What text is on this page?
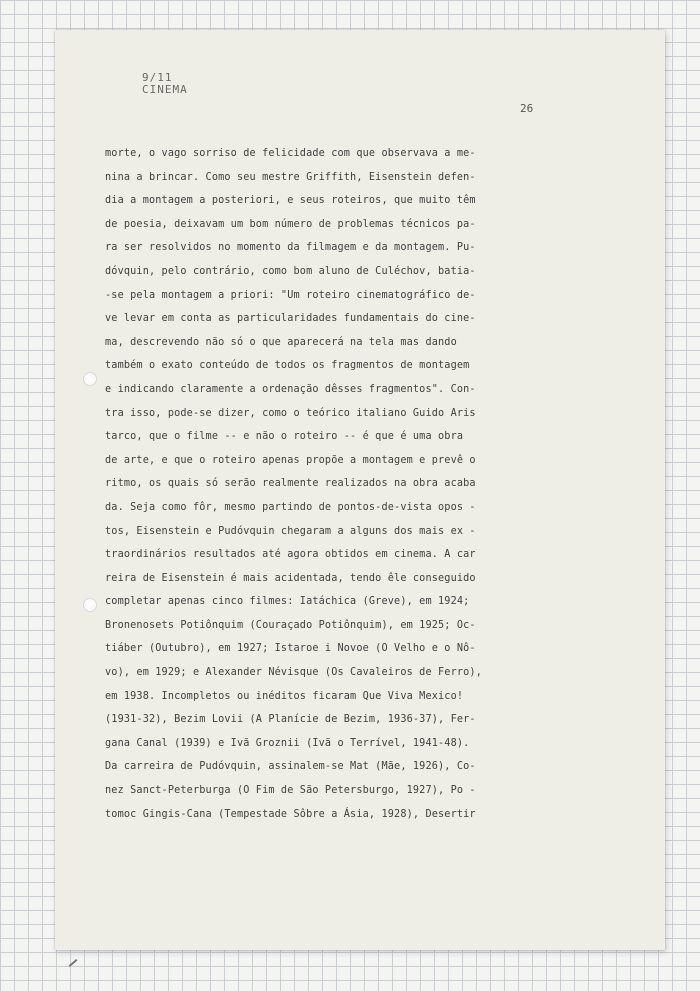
9/11
CINEMA
26
morte, o vago sorriso de felicidade com que observava a me-
nina a brincar. Como seu mestre Griffith, Eisenstein defen-
dia a montagem a posteriori, e seus roteiros, que muito têm
de poesia, deixavam um bom número de problemas técnicos pa-
ra ser resolvidos no momento da filmagem e da montagem. Pu-
dóvquin, pelo contrário, como bom aluno de Culéchov, batia-
-se pela montagem a priori: "Um roteiro cinematográfico de-
ve levar em conta as particularidades fundamentais do cine-
ma, descrevendo não só o que aparecerá na tela mas dando
também o exato conteúdo de todos os fragmentos de montagem
e indicando claramente a ordenação dêsses fragmentos". Con-
tra isso, pode-se dizer, como o teórico italiano Guido Aris
tarco, que o filme -- e não o roteiro -- é que é uma obra
de arte, e que o roteiro apenas propõe a montagem e prevê o
ritmo, os quais só serão realmente realizados na obra acaba
da. Seja como fôr, mesmo partindo de pontos-de-vista opos -
tos, Eisenstein e Pudóvquin chegaram a alguns dos mais ex -
traordinários resultados até agora obtidos em cinema. A car
reira de Eisenstein é mais acidentada, tendo êle conseguido
completar apenas cinco filmes: Iatáchica (Greve), em 1924;
Bronenosets Potiônquim (Couraçado Potiônquim), em 1925; Oc-
tiáber (Outubro), em 1927; Istaroe i Novoe (O Velho e o Nô-
vo), em 1929; e Alexander Névisque (Os Cavaleiros de Ferro),
em 1938. Incompletos ou inéditos ficaram Que Viva Mexico!
(1931-32), Bezim Lovii (A Planície de Bezim, 1936-37), Fer-
gana Canal (1939) e Ivã Groznii (Ivã o Terrível, 1941-48).
Da carreira de Pudóvquin, assinalem-se Mat (Mãe, 1926), Co-
nez Sanct-Peterburga (O Fim de São Petersburgo, 1927), Po -
tomoc Gingis-Cana (Tempestade Sôbre a Ásia, 1928), Desertir
